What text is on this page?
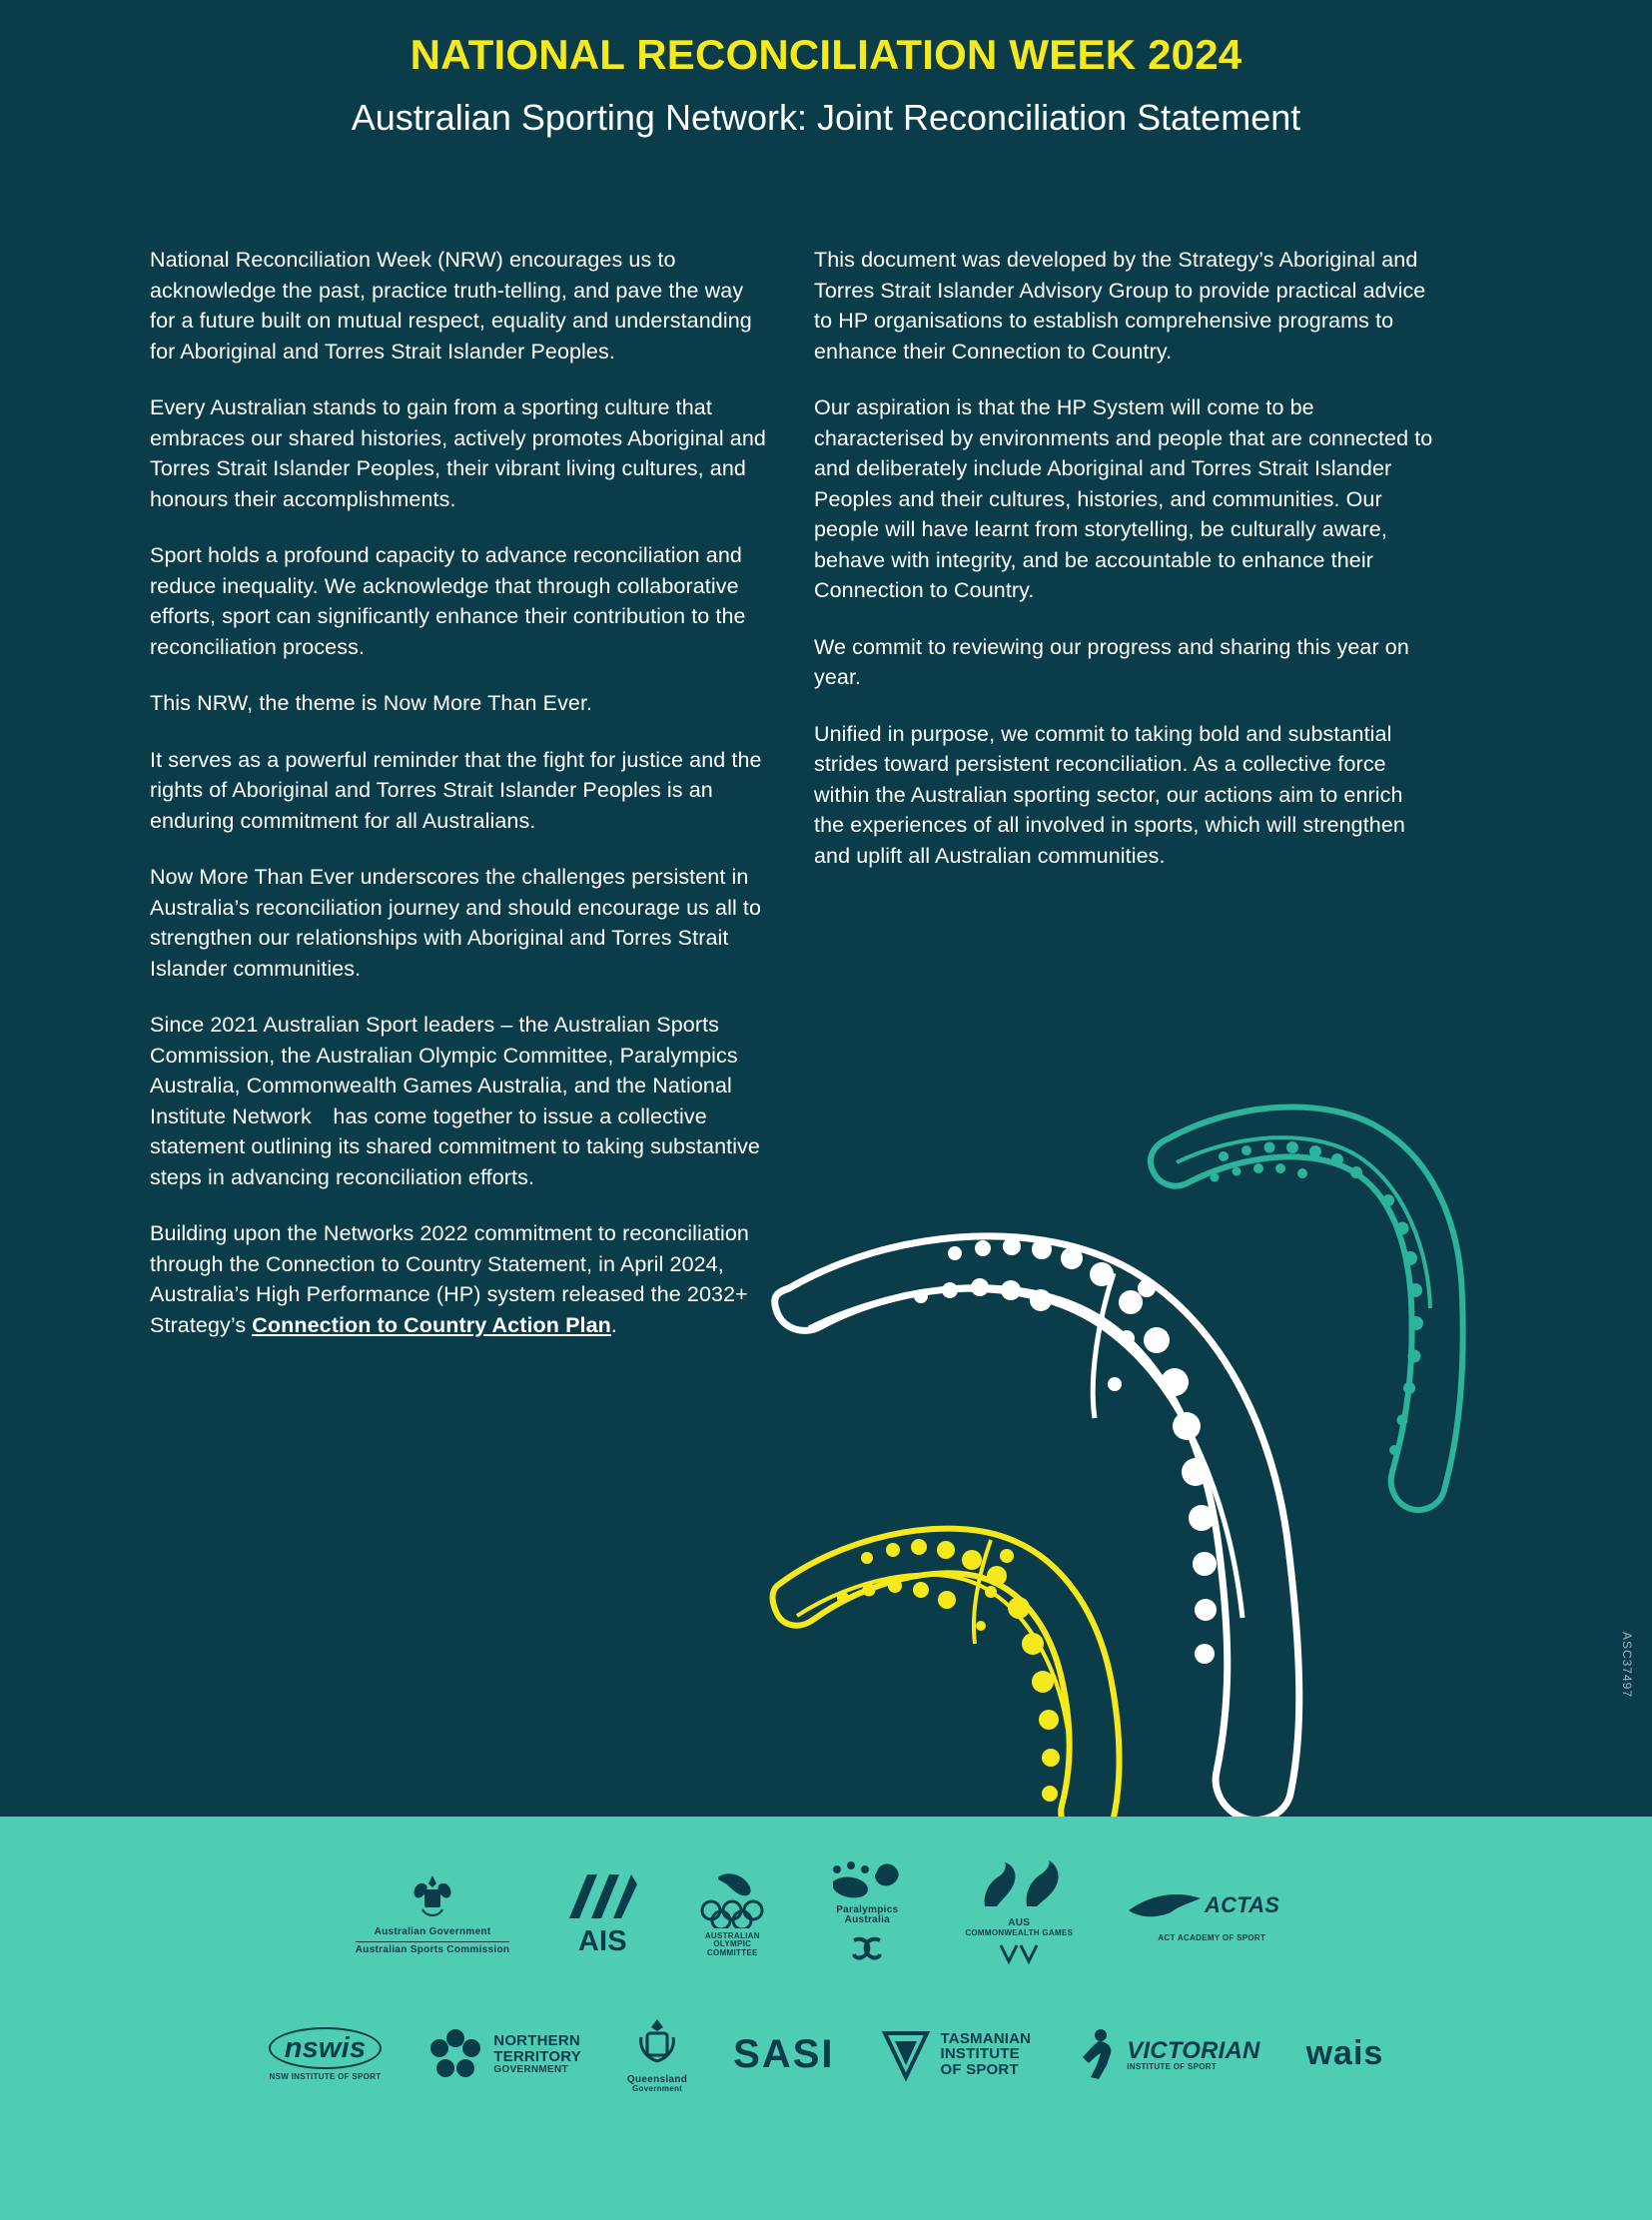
NATIONAL RECONCILIATION WEEK 2024
Australian Sporting Network: Joint Reconciliation Statement

National Reconciliation Week (NRW) encourages us to acknowledge the past, practice truth-telling, and pave the way for a future built on mutual respect, equality and understanding for Aboriginal and Torres Strait Islander Peoples.

Every Australian stands to gain from a sporting culture that embraces our shared histories, actively promotes Aboriginal and Torres Strait Islander Peoples, their vibrant living cultures, and honours their accomplishments.

Sport holds a profound capacity to advance reconciliation and reduce inequality. We acknowledge that through collaborative efforts, sport can significantly enhance their contribution to the reconciliation process.

This NRW, the theme is Now More Than Ever.

It serves as a powerful reminder that the fight for justice and the rights of Aboriginal and Torres Strait Islander Peoples is an enduring commitment for all Australians.

Now More Than Ever underscores the challenges persistent in Australia’s reconciliation journey and should encourage us all to strengthen our relationships with Aboriginal and Torres Strait Islander communities.

Since 2021 Australian Sport leaders – the Australian Sports Commission, the Australian Olympic Committee, Paralympics Australia, Commonwealth Games Australia, and the National Institute Network has come together to issue a collective statement outlining its shared commitment to taking substantive steps in advancing reconciliation efforts.

Building upon the Networks 2022 commitment to reconciliation through the Connection to Country Statement, in April 2024, Australia’s High Performance (HP) system released the 2032+ Strategy’s Connection to Country Action Plan.

This document was developed by the Strategy’s Aboriginal and Torres Strait Islander Advisory Group to provide practical advice to HP organisations to establish comprehensive programs to enhance their Connection to Country.

Our aspiration is that the HP System will come to be characterised by environments and people that are connected to and deliberately include Aboriginal and Torres Strait Islander Peoples and their cultures, histories, and communities. Our people will have learnt from storytelling, be culturally aware, behave with integrity, and be accountable to enhance their Connection to Country.

We commit to reviewing our progress and sharing this year on year.

Unified in purpose, we commit to taking bold and substantial strides toward persistent reconciliation. As a collective force within the Australian sporting sector, our actions aim to enrich the experiences of all involved in sports, which will strengthen and uplift all Australian communities.

ASC37497
Australian Government
Australian Sports Commission	AIS	AUSTRALIAN
OLYMPIC
COMMITTEE
Paralympics
Australia	AUS
COMMONWEALTH GAMES
ACTAS
ACT ACADEMY OF SPORT
nswis
NSW INSTITUTE OF SPORT
NORTHERN
TERRITORY
GOVERNMENT
Queensland
Government
SASI	TASMANIAN
INSTITUTE
OF SPORT
VICTORIAN
INSTITUTE OF SPORT	wais
